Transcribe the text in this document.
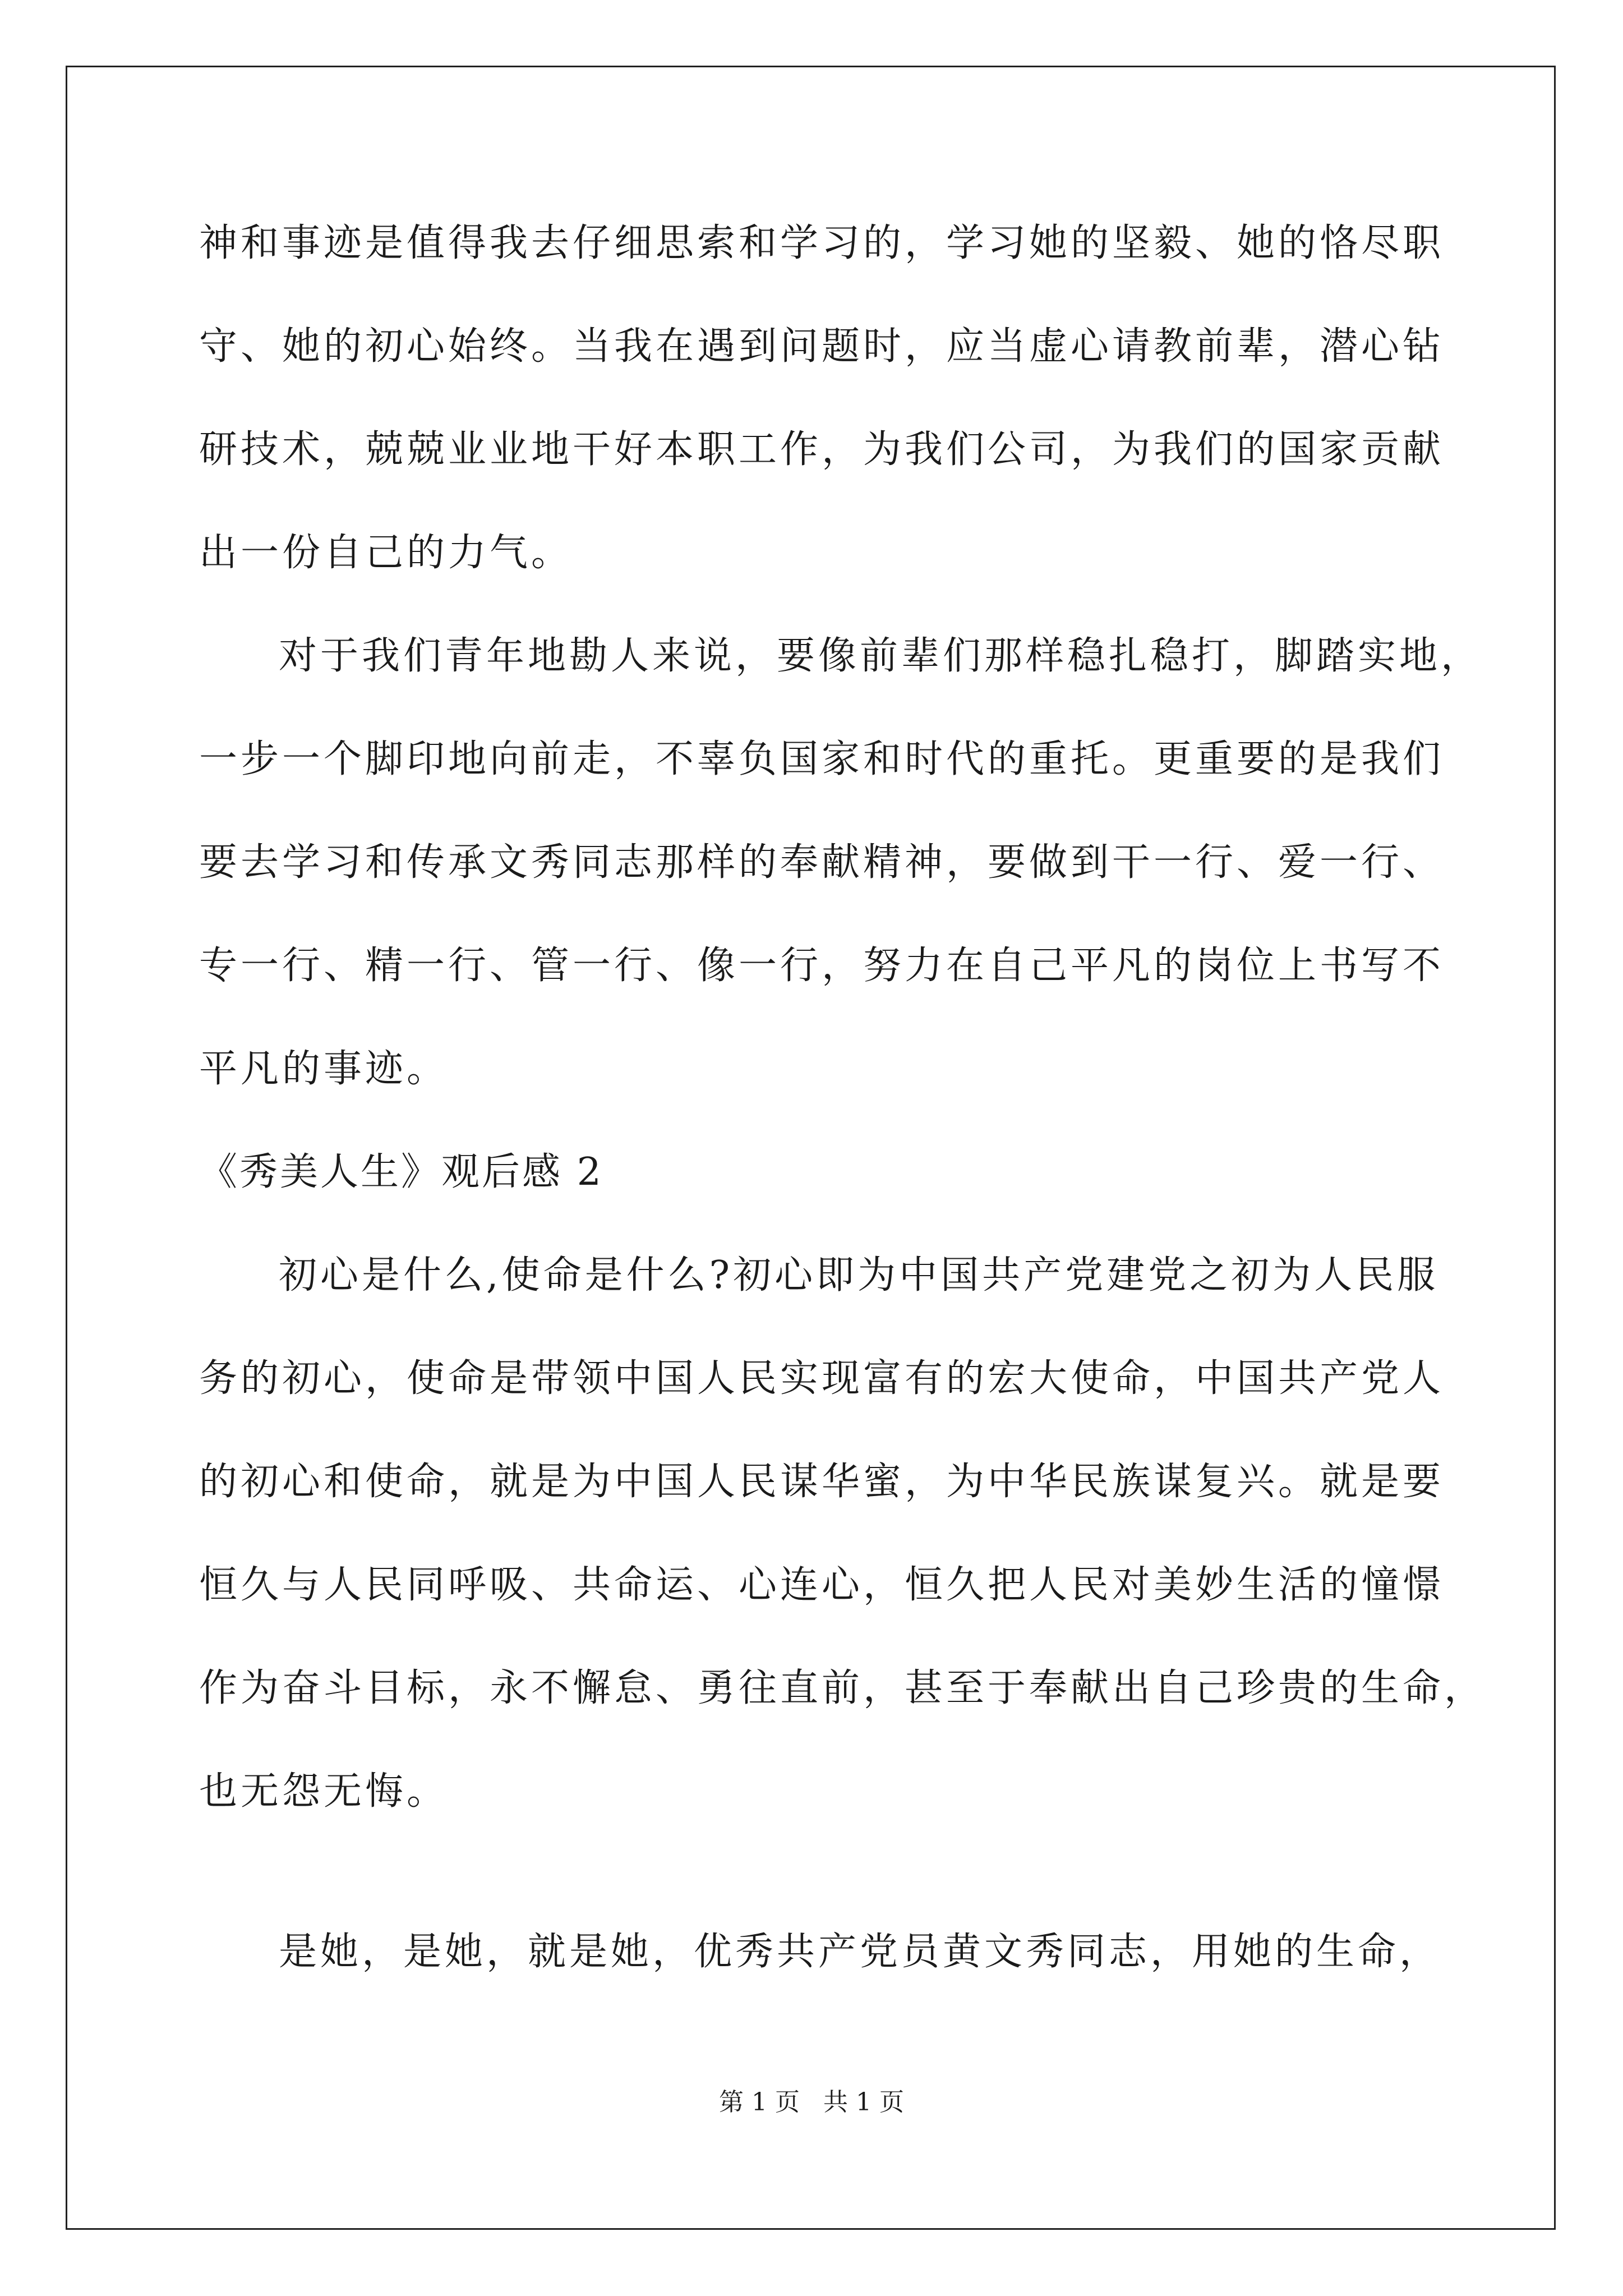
神和事迹是值得我去仔细思索和学习的，学习她的坚毅、她的恪尽职
守、她的初心始终。当我在遇到问题时，应当虚心请教前辈，潜心钻
研技术，兢兢业业地干好本职工作，为我们公司，为我们的国家贡献
出一份自己的力气。
对于我们青年地勘人来说，要像前辈们那样稳扎稳打，脚踏实地，
一步一个脚印地向前走，不辜负国家和时代的重托。更重要的是我们
要去学习和传承文秀同志那样的奉献精神，要做到干一行、爱一行、
专一行、精一行、管一行、像一行，努力在自己平凡的岗位上书写不
平凡的事迹。
《秀美人生》观后感 2
初心是什么,使命是什么?初心即为中国共产党建党之初为人民服
务的初心，使命是带领中国人民实现富有的宏大使命，中国共产党人
的初心和使命，就是为中国人民谋华蜜，为中华民族谋复兴。就是要
恒久与人民同呼吸、共命运、心连心，恒久把人民对美妙生活的憧憬
作为奋斗目标，永不懈怠、勇往直前，甚至于奉献出自己珍贵的生命，
也无怨无悔。
是她，是她，就是她，优秀共产党员黄文秀同志，用她的生命，
第 1 页   共 1 页
